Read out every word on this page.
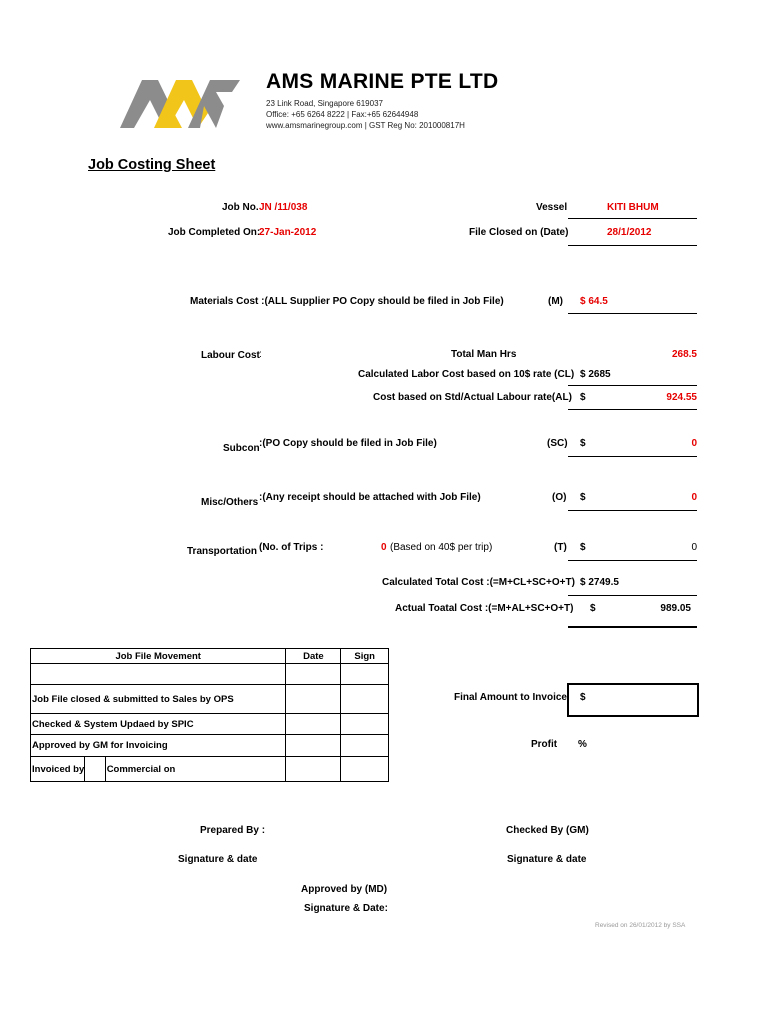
AMS MARINE PTE LTD
23 Link Road, Singapore 619037
Office: +65 6264 8222 | Fax:+65 62644948
www.amsmarinegroup.com | GST Reg No: 201000817H
Job Costing Sheet
Job No. JN /11/038	Vessel	KITI BHUM
Job Completed On:
27-Jan-2012	File Closed on (Date)	28/1/2012
Materials Cost :(ALL Supplier PO Copy should be filed in Job File)	(M) $ 64.5
Labour Cost :	Total Man Hrs	268.5
Calculated Labor Cost based on 10$ rate (CL) $ 2685
Cost based on Std/Actual Labour rate(AL) $	924.55
Subcon :(PO Copy should be filed in Job File)	(SC) $	0
Misc/Others :(Any receipt should be attached with Job File)	(O) $	0
Transportation (No. of Trips :	0 (Based on 40$ per trip)	(T) $	0
Calculated Total Cost :(=M+CL+SC+O+T) $ 2749.5
Actual Toatal Cost :(=M+AL+SC+O+T) $	989.05
Job File Movement			Date	Sign

Job File closed & submitted to Sales by OPS				
Checked & System Updaed by SPIC				
Approved by GM for Invoicing				
Invoiced by		Commercial on		
Final Amount to Invoice $
Profit %
Prepared By :	Checked By (GM)
Signature & date	Signature & date
Approved by (MD)
Signature & Date:
Revised on 26/01/2012 by SSA
